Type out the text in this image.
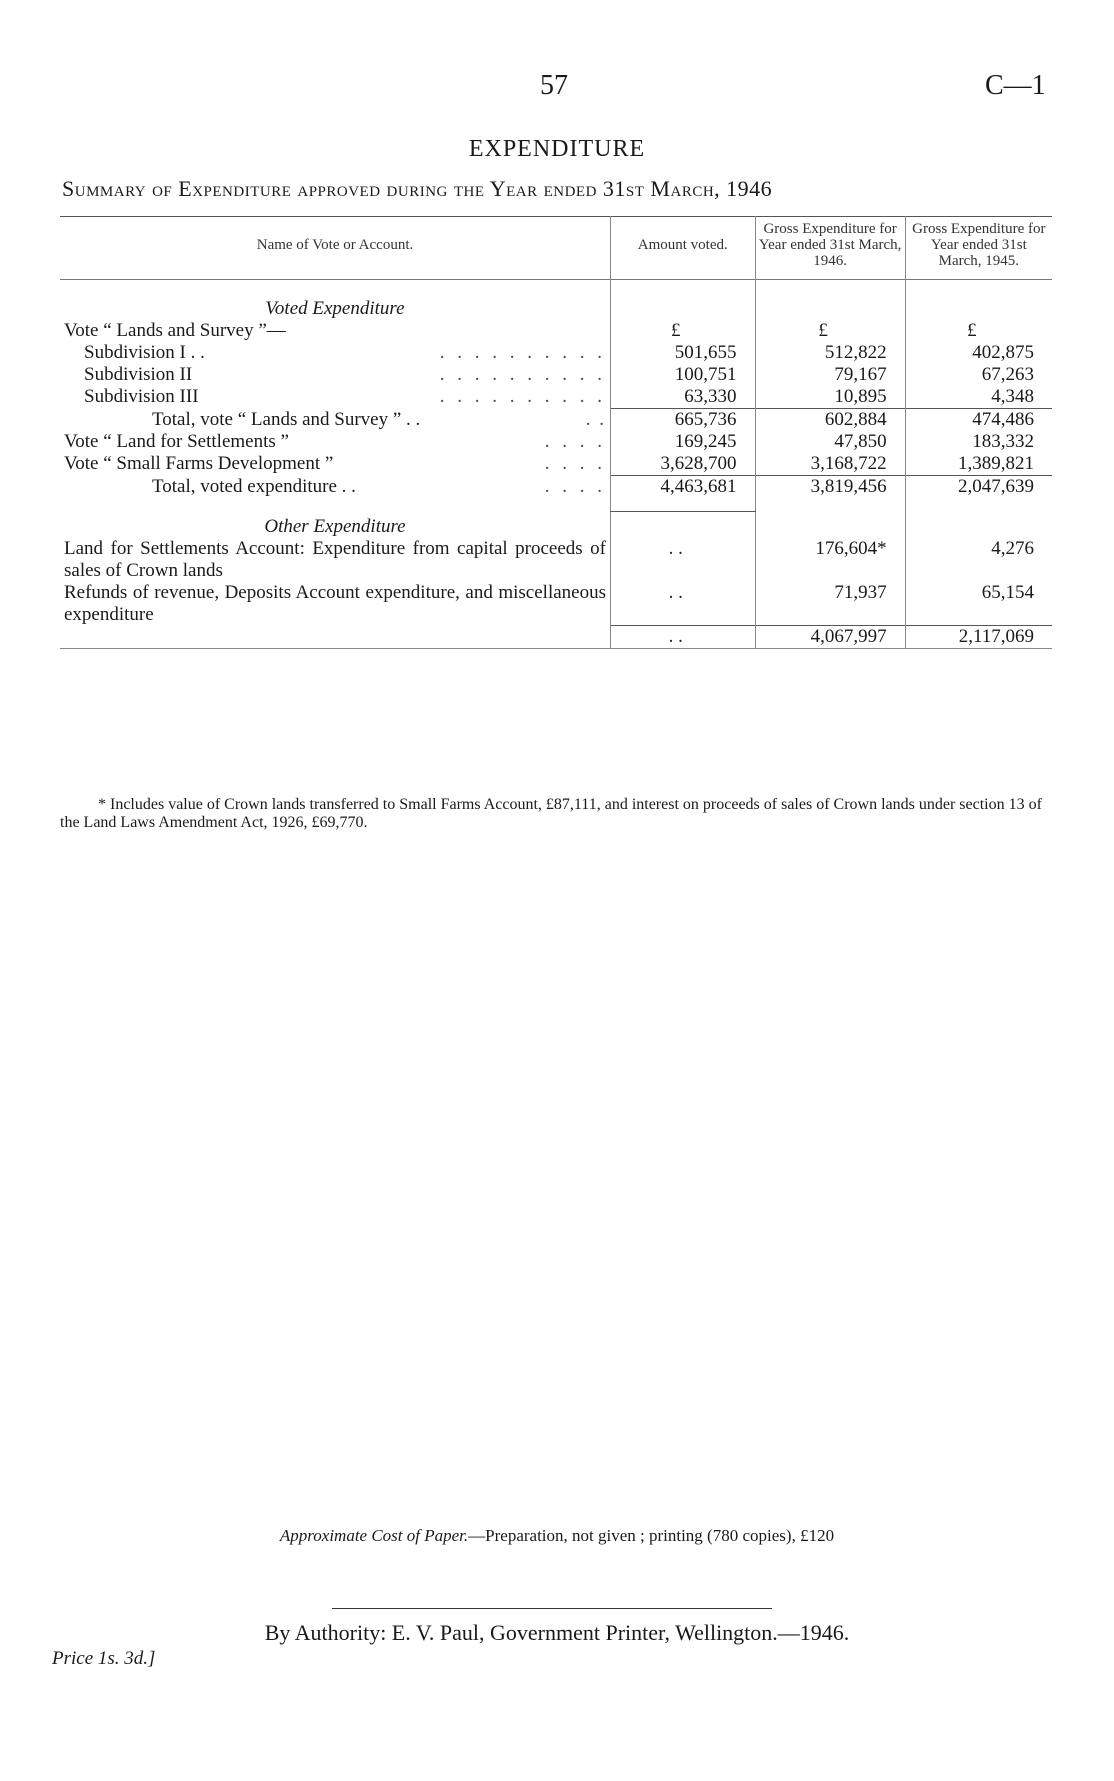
57	C—1
EXPENDITURE
Summary of Expenditure approved during the Year ended 31st March, 1946
Name of Vote or Account.	Amount voted.	Gross Expenditure for Year ended 31st March, 1946.	Gross Expenditure for Year ended 31st March, 1945.
Voted Expenditure			
Vote “ Lands and Survey ”—	£	£	£
Subdivision I . . . . . . . . . . . .	501,655	512,822	402,875
Subdivision II . . . . . . . . . .	100,751	79,167	67,263
Subdivision III . . . . . . . . . .	63,330	10,895	4,348
Total, vote “ Lands and Survey ” . . . .	665,736	602,884	474,486
Vote “ Land for Settlements ” . . . .	169,245	47,850	183,332
Vote “ Small Farms Development ” . . . .	3,628,700	3,168,722	1,389,821
Total, voted expenditure . . . . . .	4,463,681	3,819,456	2,047,639
Other Expenditure			
Land for Settlements Account: Expenditure from capital proceeds of sales of Crown lands	. .	176,604*	4,276
Refunds of revenue, Deposits Account expenditure, and miscellaneous expenditure	. .	71,937	65,154
	. .	4,067,997	2,117,069
* Includes value of Crown lands transferred to Small Farms Account, £87,111, and interest on proceeds of sales of Crown lands under section 13 of the Land Laws Amendment Act, 1926, £69,770.
Approximate Cost of Paper.—Preparation, not given ; printing (780 copies), £120
By Authority: E. V. Paul, Government Printer, Wellington.—1946.
Price 1s. 3d.]
